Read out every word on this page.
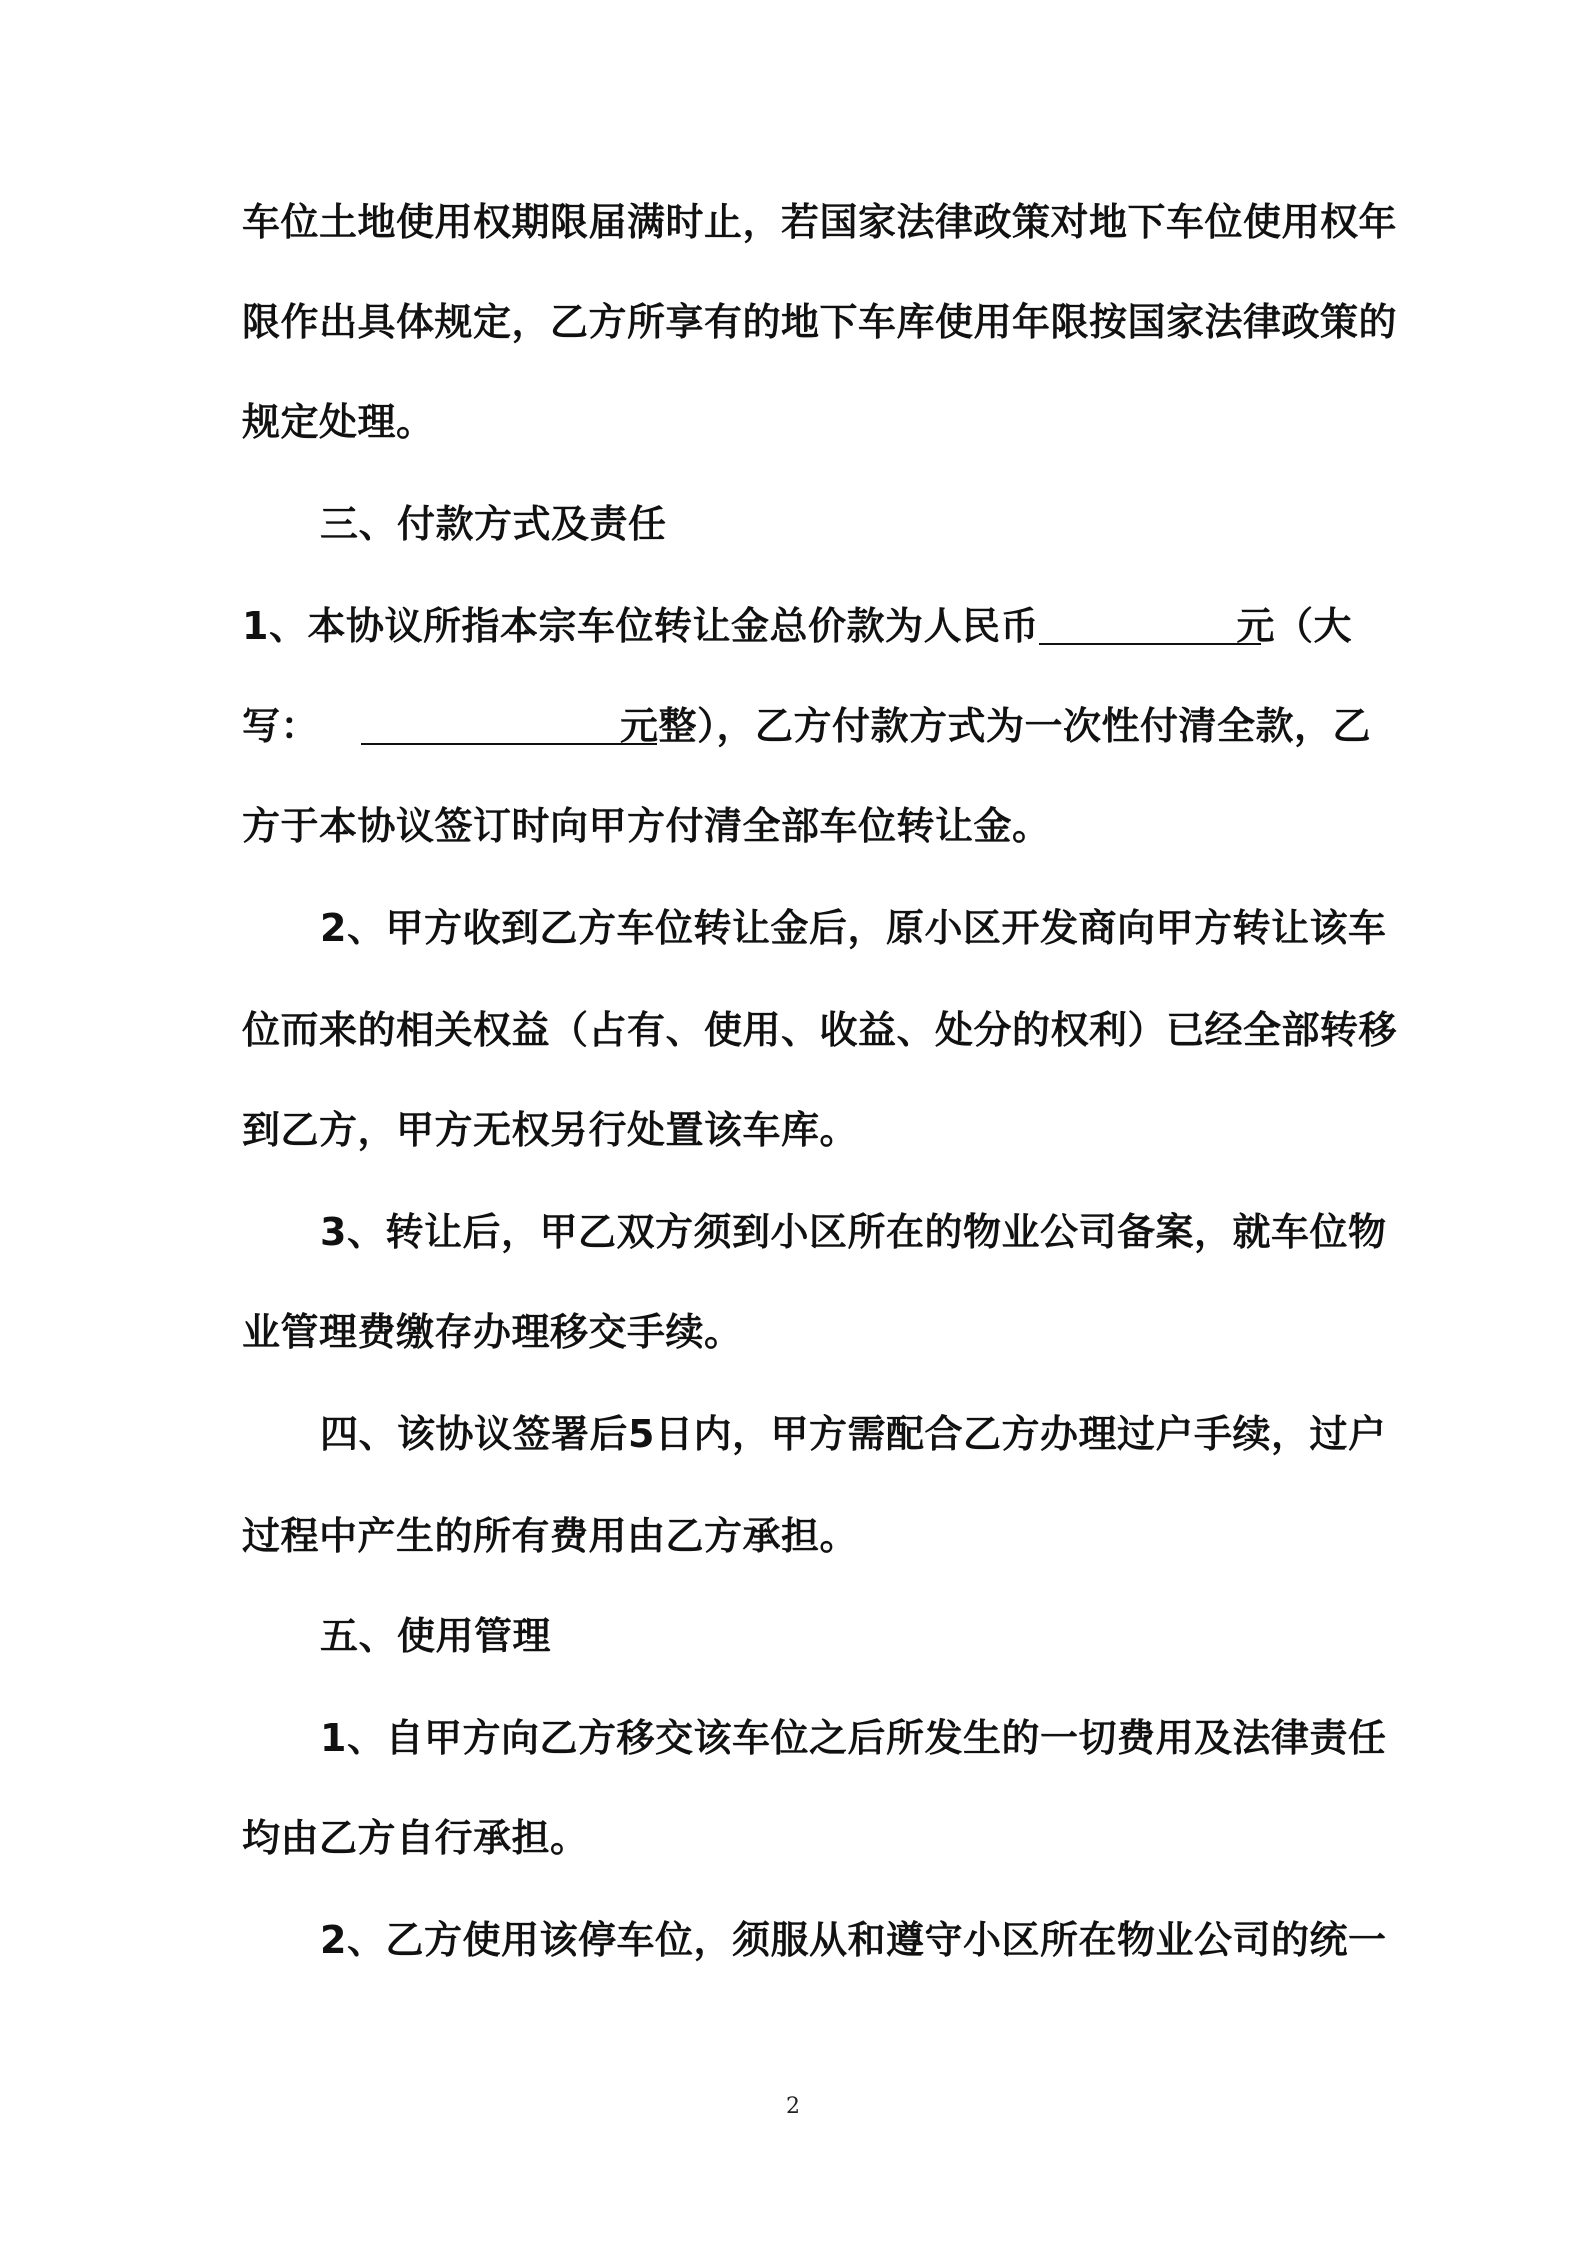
车位土地使用权期限届满时止，若国家法律政策对地下车位使用权年
限作出具体规定，乙方所享有的地下车库使用年限按国家法律政策的
规定处理。
三、付款方式及责任
1、本协议所指本宗车位转让金总价款为人民币	元（大
写：	元整），乙方付款方式为一次性付清全款，乙
方于本协议签订时向甲方付清全部车位转让金。
2、甲方收到乙方车位转让金后，原小区开发商向甲方转让该车
位而来的相关权益（占有、使用、收益、处分的权利）已经全部转移
到乙方，甲方无权另行处置该车库。
3、转让后，甲乙双方须到小区所在的物业公司备案，就车位物
业管理费缴存办理移交手续。
四、该协议签署后5日内，甲方需配合乙方办理过户手续，过户
过程中产生的所有费用由乙方承担。
五、使用管理
1、自甲方向乙方移交该车位之后所发生的一切费用及法律责任
均由乙方自行承担。
2、乙方使用该停车位，须服从和遵守小区所在物业公司的统一
2
